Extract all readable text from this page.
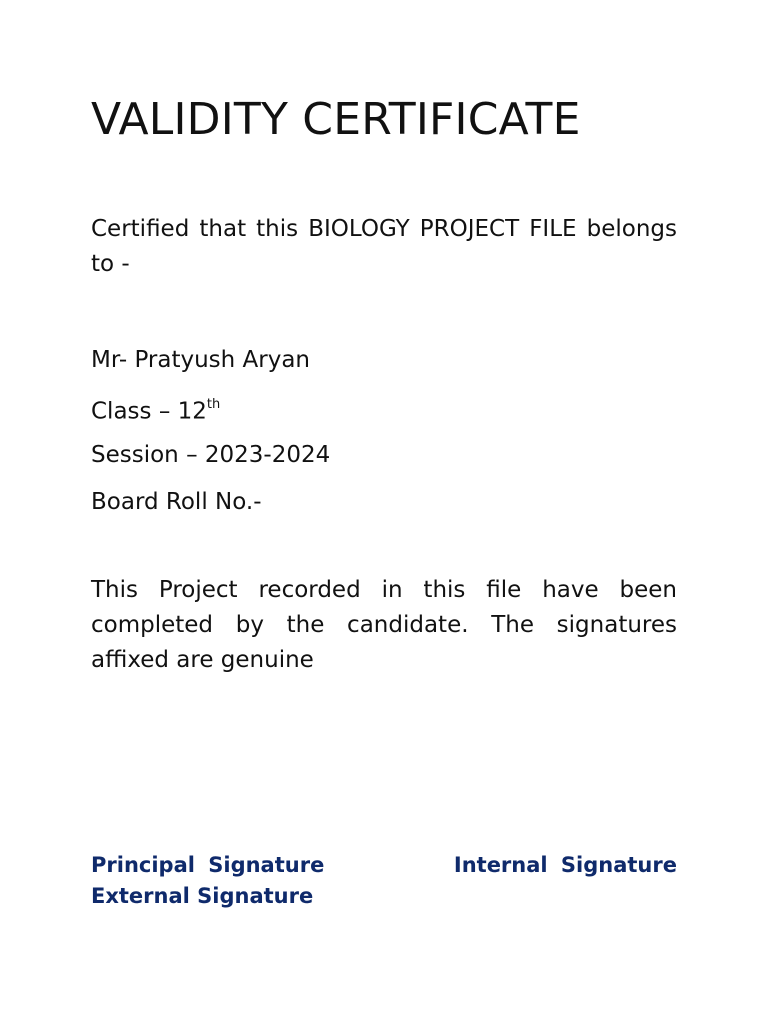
VALIDITY CERTIFICATE

Certified that this BIOLOGY PROJECT FILE belongs to -

Mr- Pratyush Aryan

Class – 12th

Session – 2023-2024

Board Roll No.-

This Project recorded in this file have been completed by the candidate. The signatures affixed are genuine

Principal Signature	Internal Signature

External Signature
